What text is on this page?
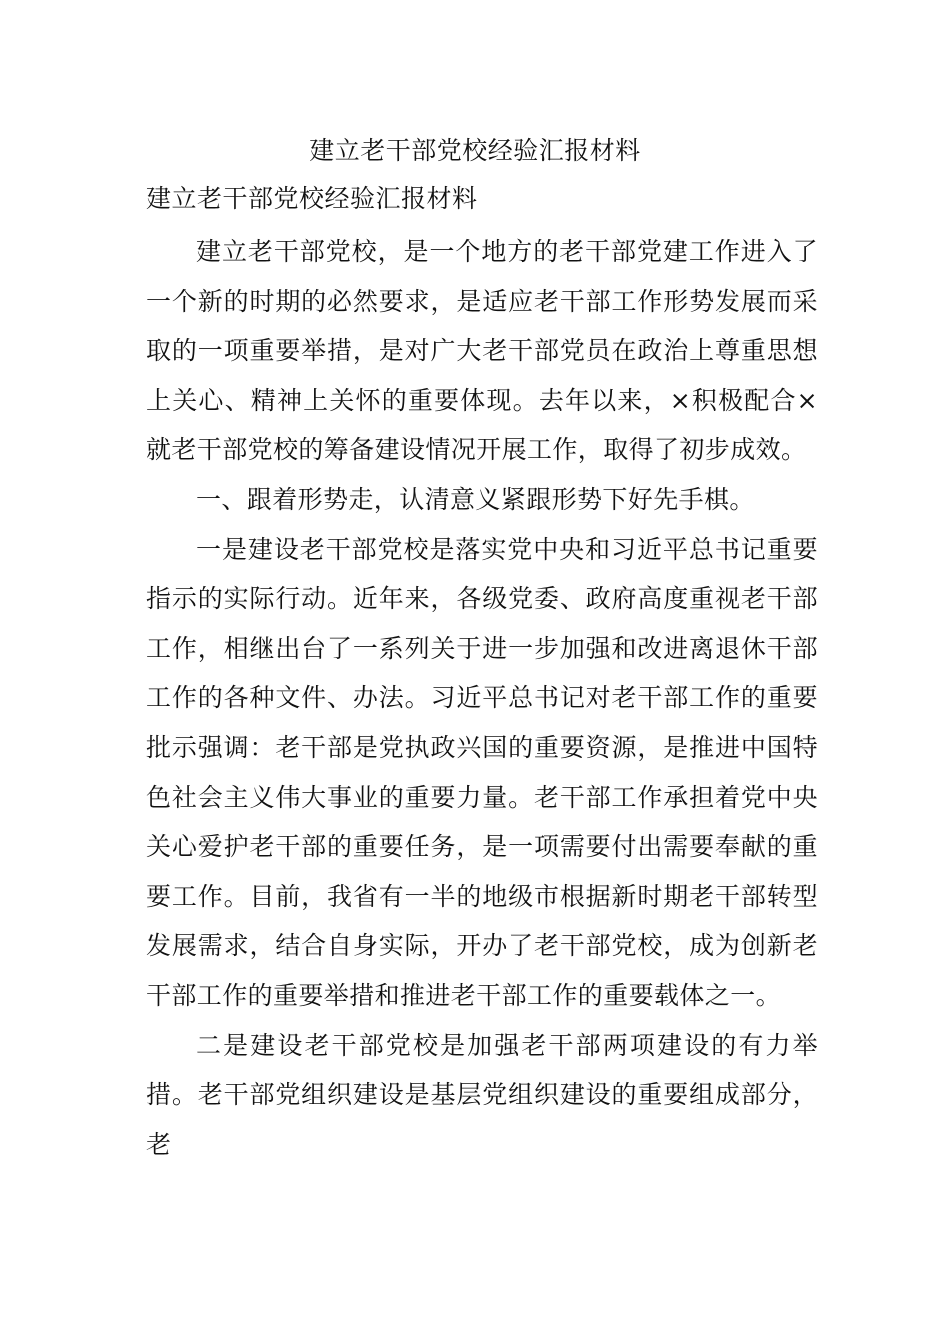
建立老干部党校经验汇报材料
建立老干部党校经验汇报材料

建立老干部党校，是一个地方的老干部党建工作进入了一个新的时期的必然要求，是适应老干部工作形势发展而采取的一项重要举措，是对广大老干部党员在政治上尊重思想上关心、精神上关怀的重要体现。去年以来，×积极配合×就老干部党校的筹备建设情况开展工作，取得了初步成效。

一、跟着形势走，认清意义紧跟形势下好先手棋。

一是建设老干部党校是落实党中央和习近平总书记重要指示的实际行动。近年来，各级党委、政府高度重视老干部工作，相继出台了一系列关于进一步加强和改进离退休干部工作的各种文件、办法。习近平总书记对老干部工作的重要批示强调：老干部是党执政兴国的重要资源，是推进中国特色社会主义伟大事业的重要力量。老干部工作承担着党中央关心爱护老干部的重要任务，是一项需要付出需要奉献的重要工作。目前，我省有一半的地级市根据新时期老干部转型发展需求，结合自身实际，开办了老干部党校，成为创新老干部工作的重要举措和推进老干部工作的重要载体之一。

二是建设老干部党校是加强老干部两项建设的有力举措。老干部党组织建设是基层党组织建设的重要组成部分，老
